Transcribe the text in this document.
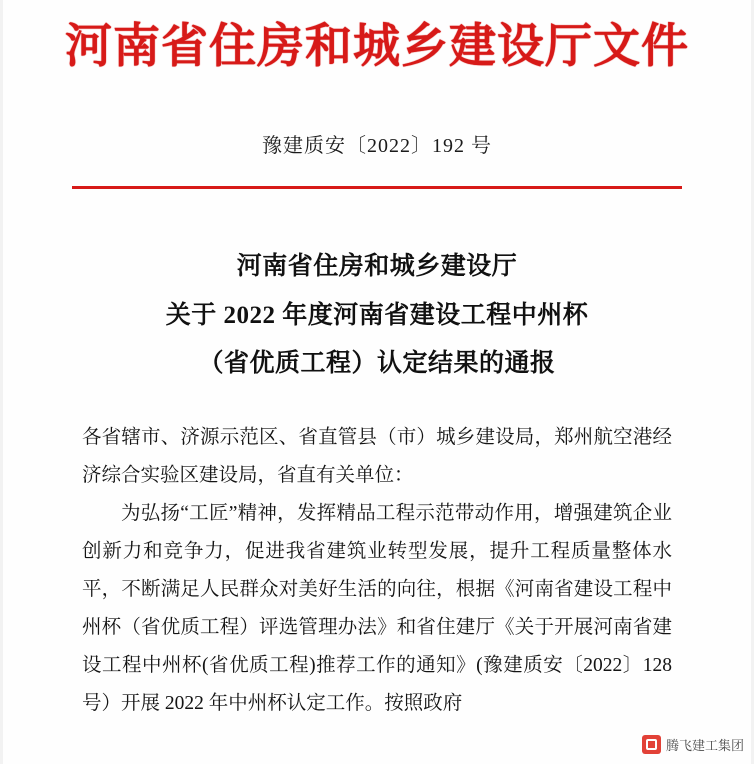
河南省住房和城乡建设厅文件
豫建质安〔2022〕192 号
河南省住房和城乡建设厅
关于 2022 年度河南省建设工程中州杯
（省优质工程）认定结果的通报

各省辖市、济源示范区、省直管县（市）城乡建设局，郑州航空港经济综合实验区建设局，省直有关单位：

为弘扬“工匠”精神，发挥精品工程示范带动作用，增强建筑企业创新力和竞争力，促进我省建筑业转型发展，提升工程质量整体水平，不断满足人民群众对美好生活的向往，根据《河南省建设工程中州杯（省优质工程）评选管理办法》和省住建厅《关于开展河南省建设工程中州杯(省优质工程)推荐工作的通知》(豫建质安〔2022〕128 号）开展 2022 年中州杯认定工作。按照政府

腾飞建工集团
